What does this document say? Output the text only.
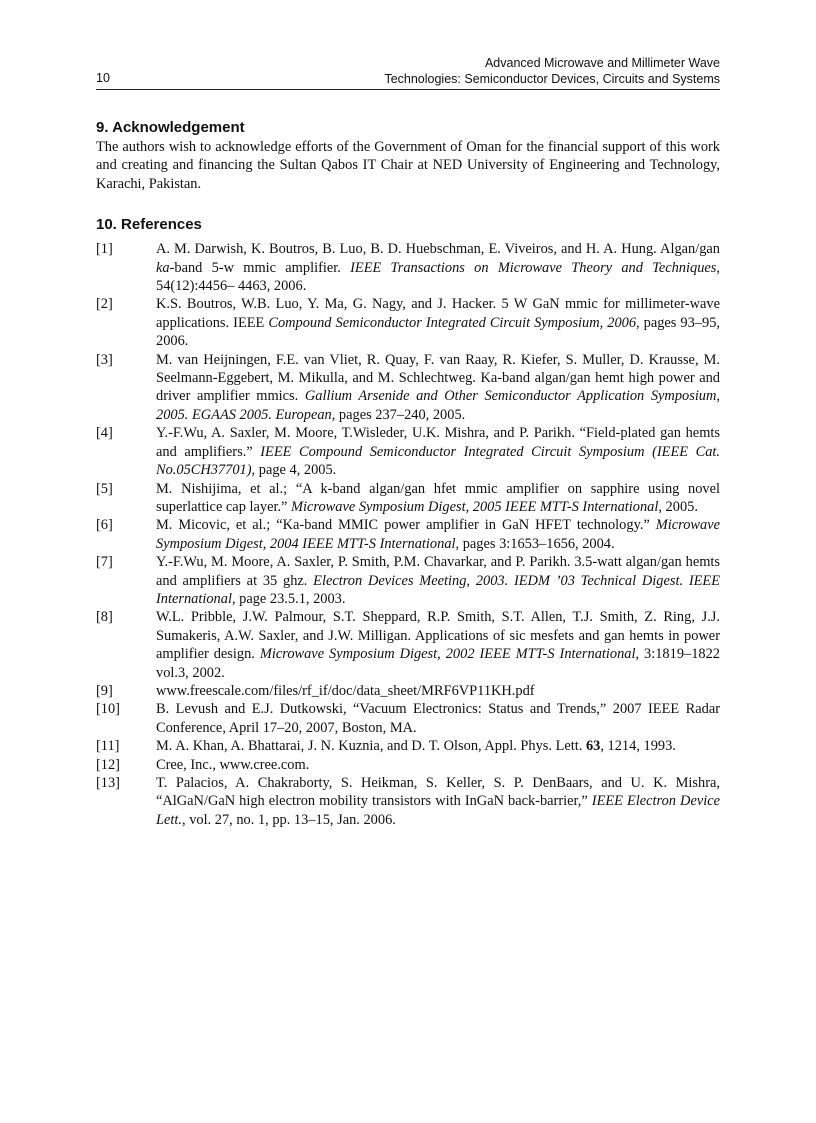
10
Advanced Microwave and Millimeter Wave
Technologies: Semiconductor Devices, Circuits and Systems
9. Acknowledgement

The authors wish to acknowledge efforts of the Government of Oman for the financial support of this work and creating and financing the Sultan Qabos IT Chair at NED University of Engineering and Technology, Karachi, Pakistan.

10. References
[1]	A. M. Darwish, K. Boutros, B. Luo, B. D. Huebschman, E. Viveiros, and H. A. Hung. Algan/gan ka-band 5-w mmic amplifier. IEEE Transactions on Microwave Theory and Techniques, 54(12):4456– 4463, 2006.
[2]	K.S. Boutros, W.B. Luo, Y. Ma, G. Nagy, and J. Hacker. 5 W GaN mmic for millimeter-wave applications. IEEE Compound Semiconductor Integrated Circuit Symposium, 2006, pages 93–95, 2006.
[3]	M. van Heijningen, F.E. van Vliet, R. Quay, F. van Raay, R. Kiefer, S. Muller, D. Krausse, M. Seelmann-Eggebert, M. Mikulla, and M. Schlechtweg. Ka-band algan/gan hemt high power and driver amplifier mmics. Gallium Arsenide and Other Semiconductor Application Symposium, 2005. EGAAS 2005. European, pages 237–240, 2005.
[4]	Y.-F.Wu, A. Saxler, M. Moore, T.Wisleder, U.K. Mishra, and P. Parikh. “Field-plated gan hemts and amplifiers.” IEEE Compound Semiconductor Integrated Circuit Symposium (IEEE Cat. No.05CH37701), page 4, 2005.
[5]	M. Nishijima, et al.; “A k-band algan/gan hfet mmic amplifier on sapphire using novel superlattice cap layer.” Microwave Symposium Digest, 2005 IEEE MTT-S International, 2005.
[6]	M. Micovic, et al.; “Ka-band MMIC power amplifier in GaN HFET technology.” Microwave Symposium Digest, 2004 IEEE MTT-S International, pages 3:1653–1656, 2004.
[7]	Y.-F.Wu, M. Moore, A. Saxler, P. Smith, P.M. Chavarkar, and P. Parikh. 3.5-watt algan/gan hemts and amplifiers at 35 ghz. Electron Devices Meeting, 2003. IEDM ’03 Technical Digest. IEEE International, page 23.5.1, 2003.
[8]	W.L. Pribble, J.W. Palmour, S.T. Sheppard, R.P. Smith, S.T. Allen, T.J. Smith, Z. Ring, J.J. Sumakeris, A.W. Saxler, and J.W. Milligan. Applications of sic mesfets and gan hemts in power amplifier design. Microwave Symposium Digest, 2002 IEEE MTT-S International, 3:1819–1822 vol.3, 2002.
[9]	www.freescale.com/files/rf_if/doc/data_sheet/MRF6VP11KH.pdf
[10]	B. Levush and E.J. Dutkowski, “Vacuum Electronics: Status and Trends,” 2007 IEEE Radar Conference, April 17–20, 2007, Boston, MA.
[11]	M. A. Khan, A. Bhattarai, J. N. Kuznia, and D. T. Olson, Appl. Phys. Lett. 63, 1214, 1993.
[12]	Cree, Inc., www.cree.com.
[13]	T. Palacios, A. Chakraborty, S. Heikman, S. Keller, S. P. DenBaars, and U. K. Mishra, “AlGaN/GaN high electron mobility transistors with InGaN back-barrier,” IEEE Electron Device Lett., vol. 27, no. 1, pp. 13–15, Jan. 2006.
